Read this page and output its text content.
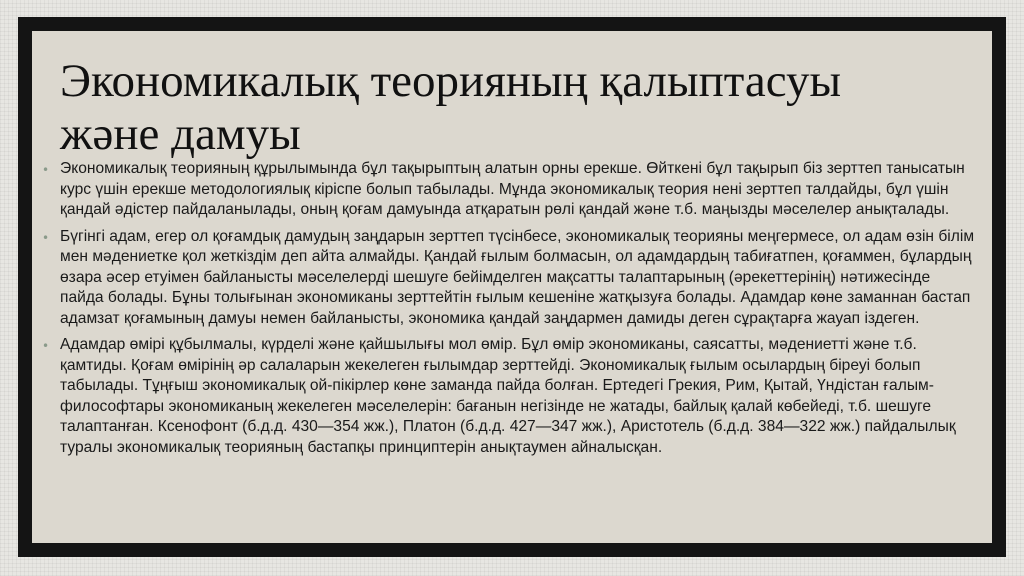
Экономикалық теорияның қалыптасуы
және дамуы
• Экономикалық теорияның құрылымында бұл тақырыптың алатын орны ерекше. Өйткені бұл тақырып біз зерттеп танысатын курс үшін ерекше методологиялық кіріспе болып табылады. Мұнда экономикалық теория нені зерттеп талдайды, бұл үшін қандай әдістер пайдаланылады, оның қоғам дамуында атқаратын рөлі қандай және т.б. маңызды мәселелер анықталады.
• Бүгінгі адам, егер ол қоғамдық дамудың заңдарын зерттеп түсінбесе, экономикалық теорияны меңгермесе, ол адам өзін білім мен мәдениетке қол жеткіздім деп айта алмайды. Қандай ғылым болмасын, ол адамдардың табиғатпен, қоғаммен, бұлардың өзара әсер етуімен байланысты мәселелерді шешуге бейімделген мақсатты талаптарының (әрекеттерінің) нәтижесінде пайда болады. Бұны толығынан экономиканы зерттейтін ғылым кешеніне жатқызуға болады. Адамдар көне заманнан бастап адамзат қоғамының дамуы немен байланысты, экономика қандай заңдармен дамиды деген сұрақтарға жауап іздеген.
• Адамдар өмірі құбылмалы, күрделі және қайшылығы мол өмір. Бұл өмір экономиканы, саясатты, мәдениетті және т.б. қамтиды. Қоғам өмірінің әр салаларын жекелеген ғылымдар зерттейді. Экономикалық ғылым осылардың біреуі болып табылады. Тұңғыш экономикалық ой-пікірлер көне заманда пайда болған. Ертедегі Грекия, Рим, Қытай, Үндістан ғалым-философтары экономиканың жекелеген мәселелерін: бағанын негізінде не жатады, байлық қалай көбейеді, т.б. шешуге талаптанған. Ксенофонт (б.д.д. 430—354 жж.), Платон (б.д.д. 427—347 жж.), Аристотель (б.д.д. 384—322 жж.) пайдалылық туралы экономикалық теорияның бастапқы принциптерін анықтаумен айналысқан.
